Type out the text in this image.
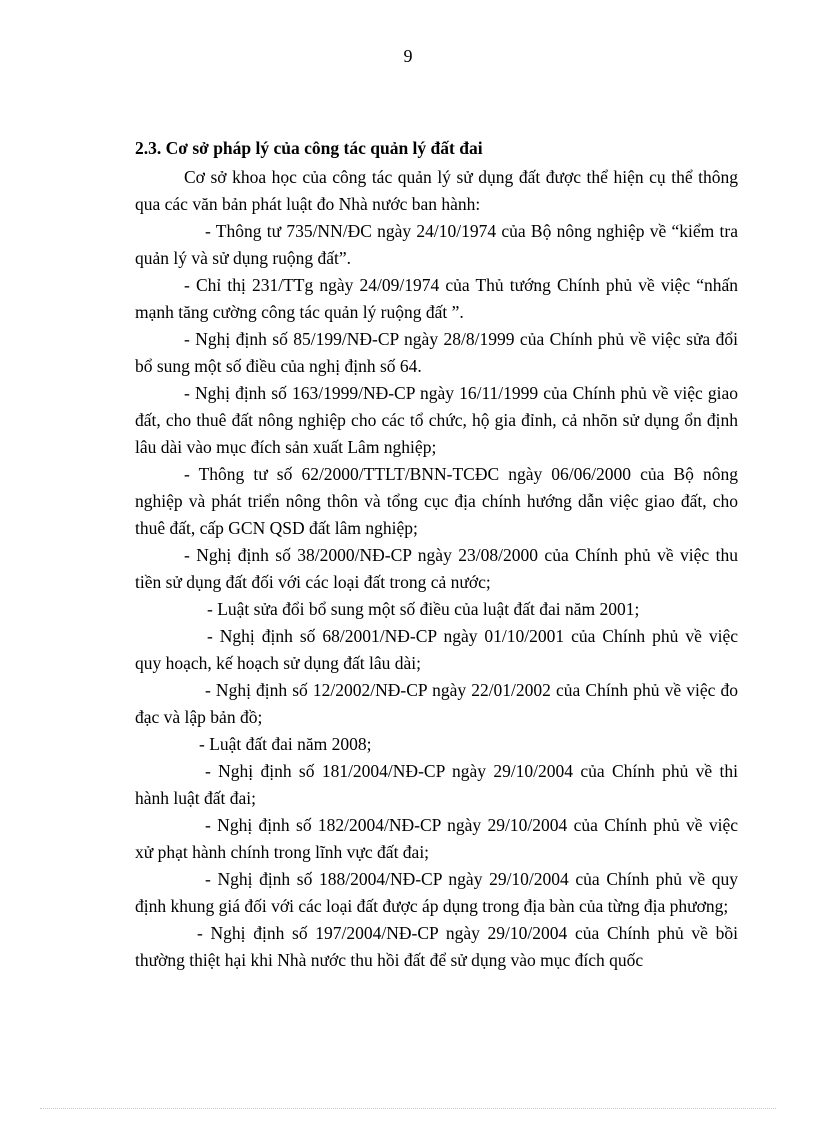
9

2.3. Cơ sở pháp lý của công tác quản lý đất đai

Cơ sở khoa học của công tác quản lý sử dụng đất được thể hiện cụ thể thông qua các văn bản phát luật đo Nhà nước ban hành:

- Thông tư 735/NN/ĐC ngày 24/10/1974 của Bộ nông nghiệp về “kiểm tra quản lý và sử dụng ruộng đất”.

- Chỉ thị 231/TTg ngày 24/09/1974 của Thủ tướng Chính phủ về việc “nhấn mạnh tăng cường công tác quản lý ruộng đất ”.

- Nghị định số 85/199/NĐ-CP ngày 28/8/1999 của Chính phủ về việc sửa đổi bổ sung một số điều của nghị định số 64.

- Nghị định số 163/1999/NĐ-CP ngày 16/11/1999 của Chính phủ về việc giao đất, cho thuê đất nông nghiệp cho các tổ chức, hộ gia đỉnh, cả nhõn sử dụng ổn định lâu dài vào mục đích sản xuất Lâm nghiệp;

- Thông tư số 62/2000/TTLT/BNN-TCĐC ngày 06/06/2000 của Bộ nông nghiệp và phát triển nông thôn và tổng cục địa chính hướng dẫn việc giao đất, cho thuê đất, cấp GCN QSD đất lâm nghiệp;

- Nghị định số 38/2000/NĐ-CP ngày 23/08/2000 của Chính phủ về việc thu tiền sử dụng đất đối với các loại đất trong cả nước;

- Luật sửa đổi bổ sung một số điều của luật đất đai năm 2001;

- Nghị định số 68/2001/NĐ-CP ngày 01/10/2001 của Chính phủ về việc quy hoạch, kế hoạch sử dụng đất lâu dài;

- Nghị định số 12/2002/NĐ-CP ngày 22/01/2002 của Chính phủ về việc đo đạc và lập bản đồ;

- Luật đất đai năm 2008;

- Nghị định số 181/2004/NĐ-CP ngày 29/10/2004 của Chính phủ về thi hành luật đất đai;

- Nghị định số 182/2004/NĐ-CP ngày 29/10/2004 của Chính phủ về việc xử phạt hành chính trong lĩnh vực đất đai;

- Nghị định số 188/2004/NĐ-CP ngày 29/10/2004 của Chính phủ về quy định khung giá đối với các loại đất được áp dụng trong địa bàn của từng địa phương;

- Nghị định số 197/2004/NĐ-CP ngày 29/10/2004 của Chính phủ về bồi thường thiệt hại khi Nhà nước thu hồi đất để sử dụng vào mục đích quốc
